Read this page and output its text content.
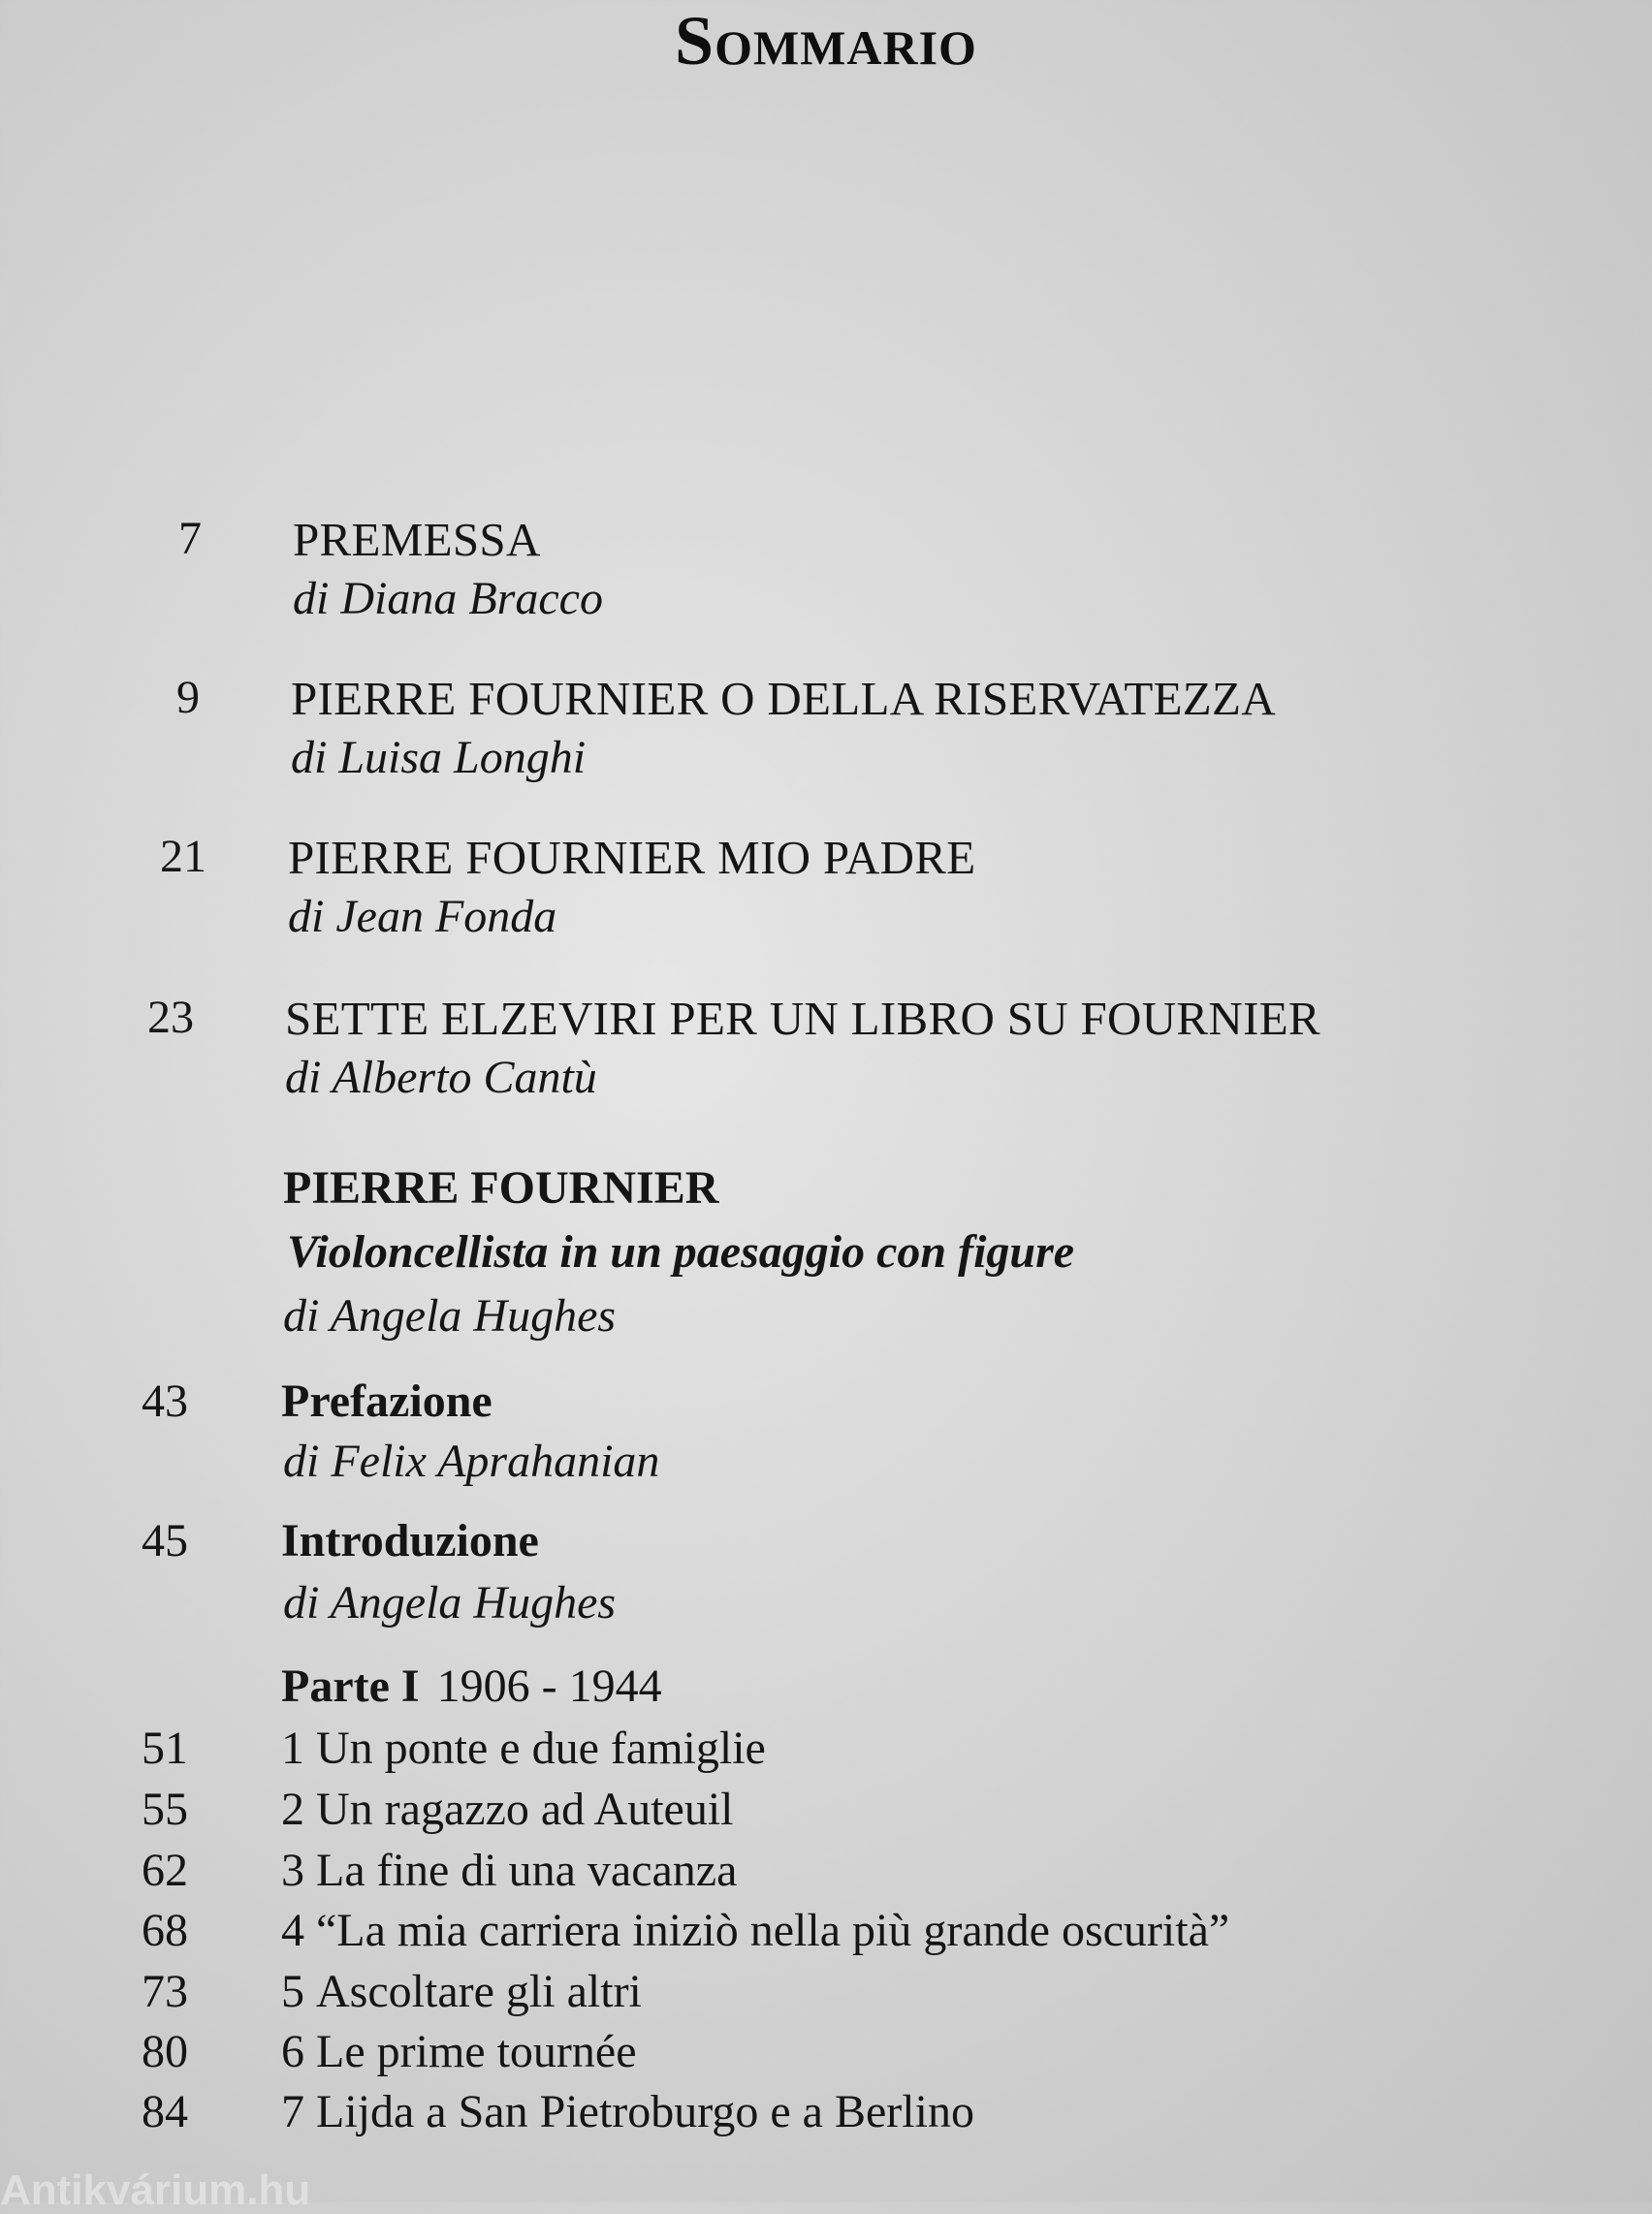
Sommario
7 PREMESSA
di Diana Bracco
9 PIERRE FOURNIER O DELLA RISERVATEZZA
di Luisa Longhi
21 PIERRE FOURNIER MIO PADRE
di Jean Fonda
23 SETTE ELZEVIRI PER UN LIBRO SU FOURNIER
di Alberto Cantù
PIERRE FOURNIER
Violoncellista in un paesaggio con figure
di Angela Hughes
43 Prefazione
di Felix Aprahanian
45 Introduzione
di Angela Hughes
Parte I 1906 - 1944
51 1 Un ponte e due famiglie
55 2 Un ragazzo ad Auteuil
62 3 La fine di una vacanza
68 4 “La mia carriera iniziò nella più grande oscurità”
73 5 Ascoltare gli altri
80 6 Le prime tournée
84 7 Lijda a San Pietroburgo e a Berlino
Antikvárium.hu
